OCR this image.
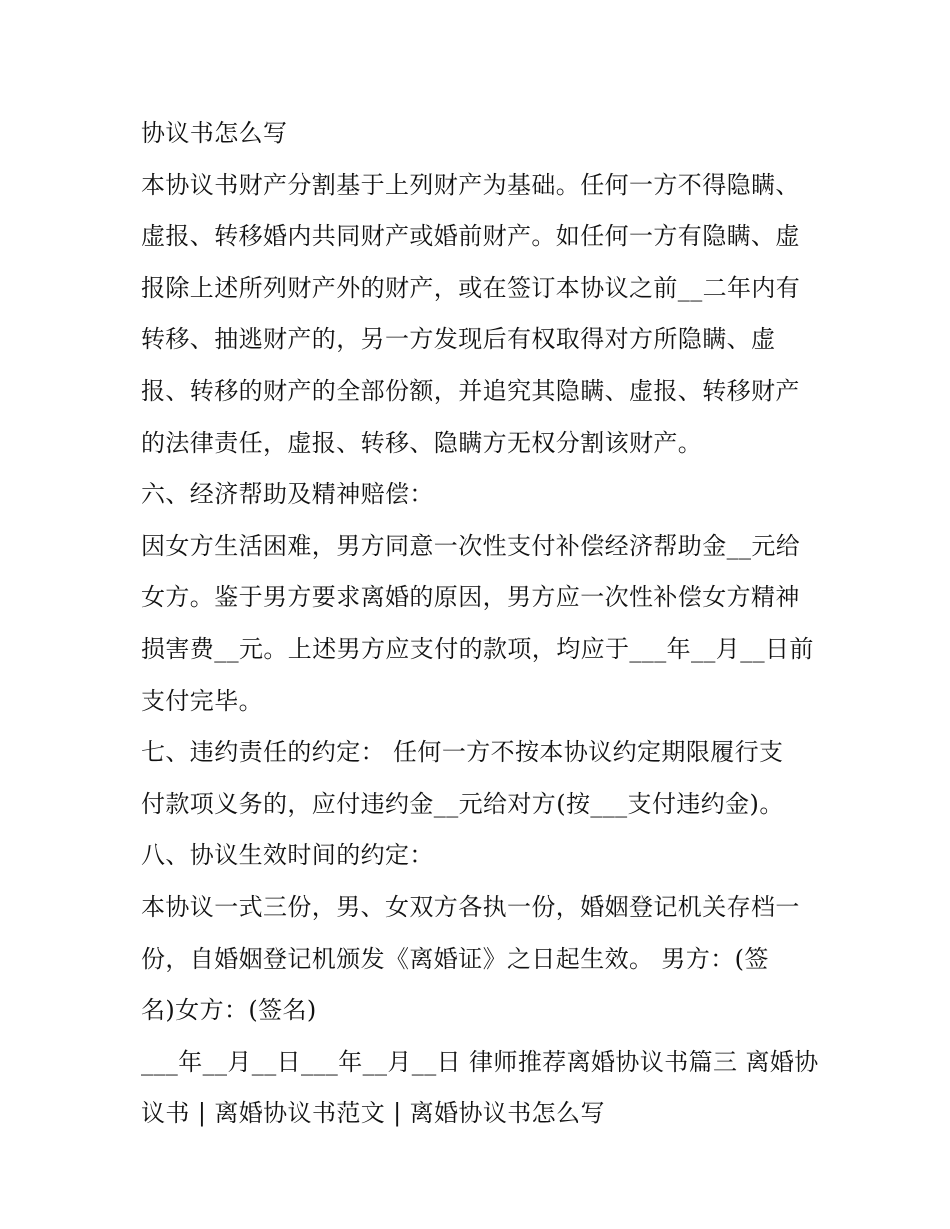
协议书怎么写
本协议书财产分割基于上列财产为基础。任何一方不得隐瞒、
虚报、转移婚内共同财产或婚前财产。如任何一方有隐瞒、虚
报除上述所列财产外的财产，或在签订本协议之前__二年内有
转移、抽逃财产的，另一方发现后有权取得对方所隐瞒、虚
报、转移的财产的全部份额，并追究其隐瞒、虚报、转移财产
的法律责任，虚报、转移、隐瞒方无权分割该财产。
六、经济帮助及精神赔偿：
因女方生活困难，男方同意一次性支付补偿经济帮助金__元给
女方。鉴于男方要求离婚的原因，男方应一次性补偿女方精神
损害费__元。上述男方应支付的款项，均应于___年__月__日前
支付完毕。
七、违约责任的约定： 任何一方不按本协议约定期限履行支
付款项义务的，应付违约金__元给对方(按___支付违约金)。
八、协议生效时间的约定：
本协议一式三份，男、女双方各执一份，婚姻登记机关存档一
份，自婚姻登记机颁发《离婚证》之日起生效。 男方：(签
名)女方：(签名)
___年__月__日___年__月__日 律师推荐离婚协议书篇三 离婚协
议书 | 离婚协议书范文 | 离婚协议书怎么写
